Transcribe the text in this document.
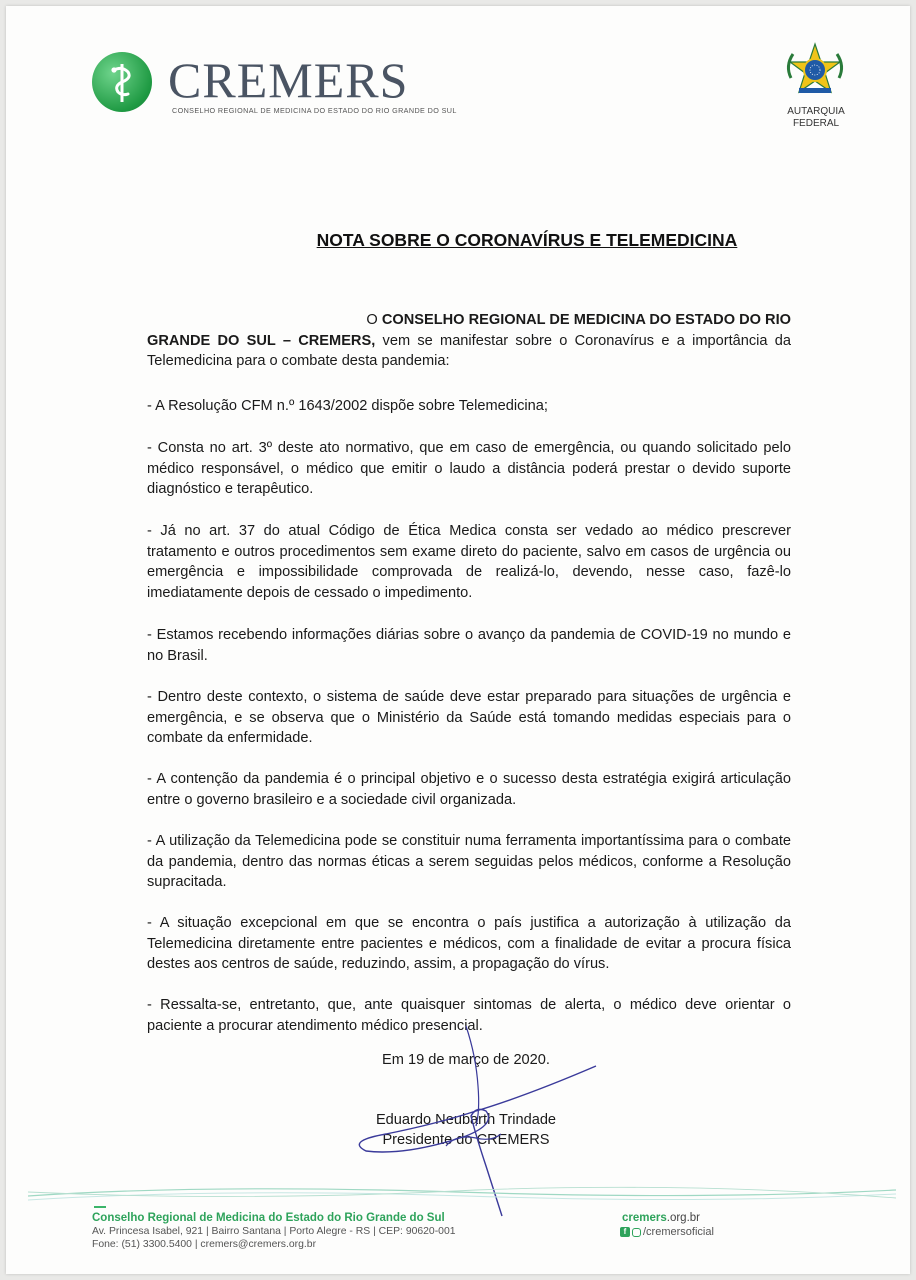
CREMERS
CONSELHO REGIONAL DE MEDICINA DO ESTADO DO RIO GRANDE DO SUL	AUTARQUIA
FEDERAL
NOTA SOBRE O CORONAVÍRUS E TELEMEDICINA
O CONSELHO REGIONAL DE MEDICINA DO ESTADO DO RIO
GRANDE DO SUL – CREMERS, vem se manifestar sobre o Coronavírus e a importância da Telemedicina para o combate desta pandemia:
- A Resolução CFM n.º 1643/2002 dispõe sobre Telemedicina;
- Consta no art. 3º deste ato normativo, que em caso de emergência, ou quando solicitado pelo médico responsável, o médico que emitir o laudo a distância poderá prestar o devido suporte diagnóstico e terapêutico.
- Já no art. 37 do atual Código de Ética Medica consta ser vedado ao médico prescrever tratamento e outros procedimentos sem exame direto do paciente, salvo em casos de urgência ou emergência e impossibilidade comprovada de realizá-lo, devendo, nesse caso, fazê-lo imediatamente depois de cessado o impedimento.
- Estamos recebendo informações diárias sobre o avanço da pandemia de COVID-19 no mundo e no Brasil.
- Dentro deste contexto, o sistema de saúde deve estar preparado para situações de urgência e emergência, e se observa que o Ministério da Saúde está tomando medidas especiais para o combate da enfermidade.
- A contenção da pandemia é o principal objetivo e o sucesso desta estratégia exigirá articulação entre o governo brasileiro e a sociedade civil organizada.
- A utilização da Telemedicina pode se constituir numa ferramenta importantíssima para o combate da pandemia, dentro das normas éticas a serem seguidas pelos médicos, conforme a Resolução supracitada.
- A situação excepcional em que se encontra o país justifica a autorização à utilização da Telemedicina diretamente entre pacientes e médicos, com a finalidade de evitar a procura física destes aos centros de saúde, reduzindo, assim, a propagação do vírus.
- Ressalta-se, entretanto, que, ante quaisquer sintomas de alerta, o médico deve orientar o paciente a procurar atendimento médico presencial.
Em 19 de março de 2020.
Eduardo Neubarth Trindade
Presidente do CREMERS
Conselho Regional de Medicina do Estado do Rio Grande do Sul
Av. Princesa Isabel, 921 | Bairro Santana | Porto Alegre - RS | CEP: 90620-001
Fone: (51) 3300.5400 | cremers@cremers.org.br
cremers.org.br
f	/cremersoficial
